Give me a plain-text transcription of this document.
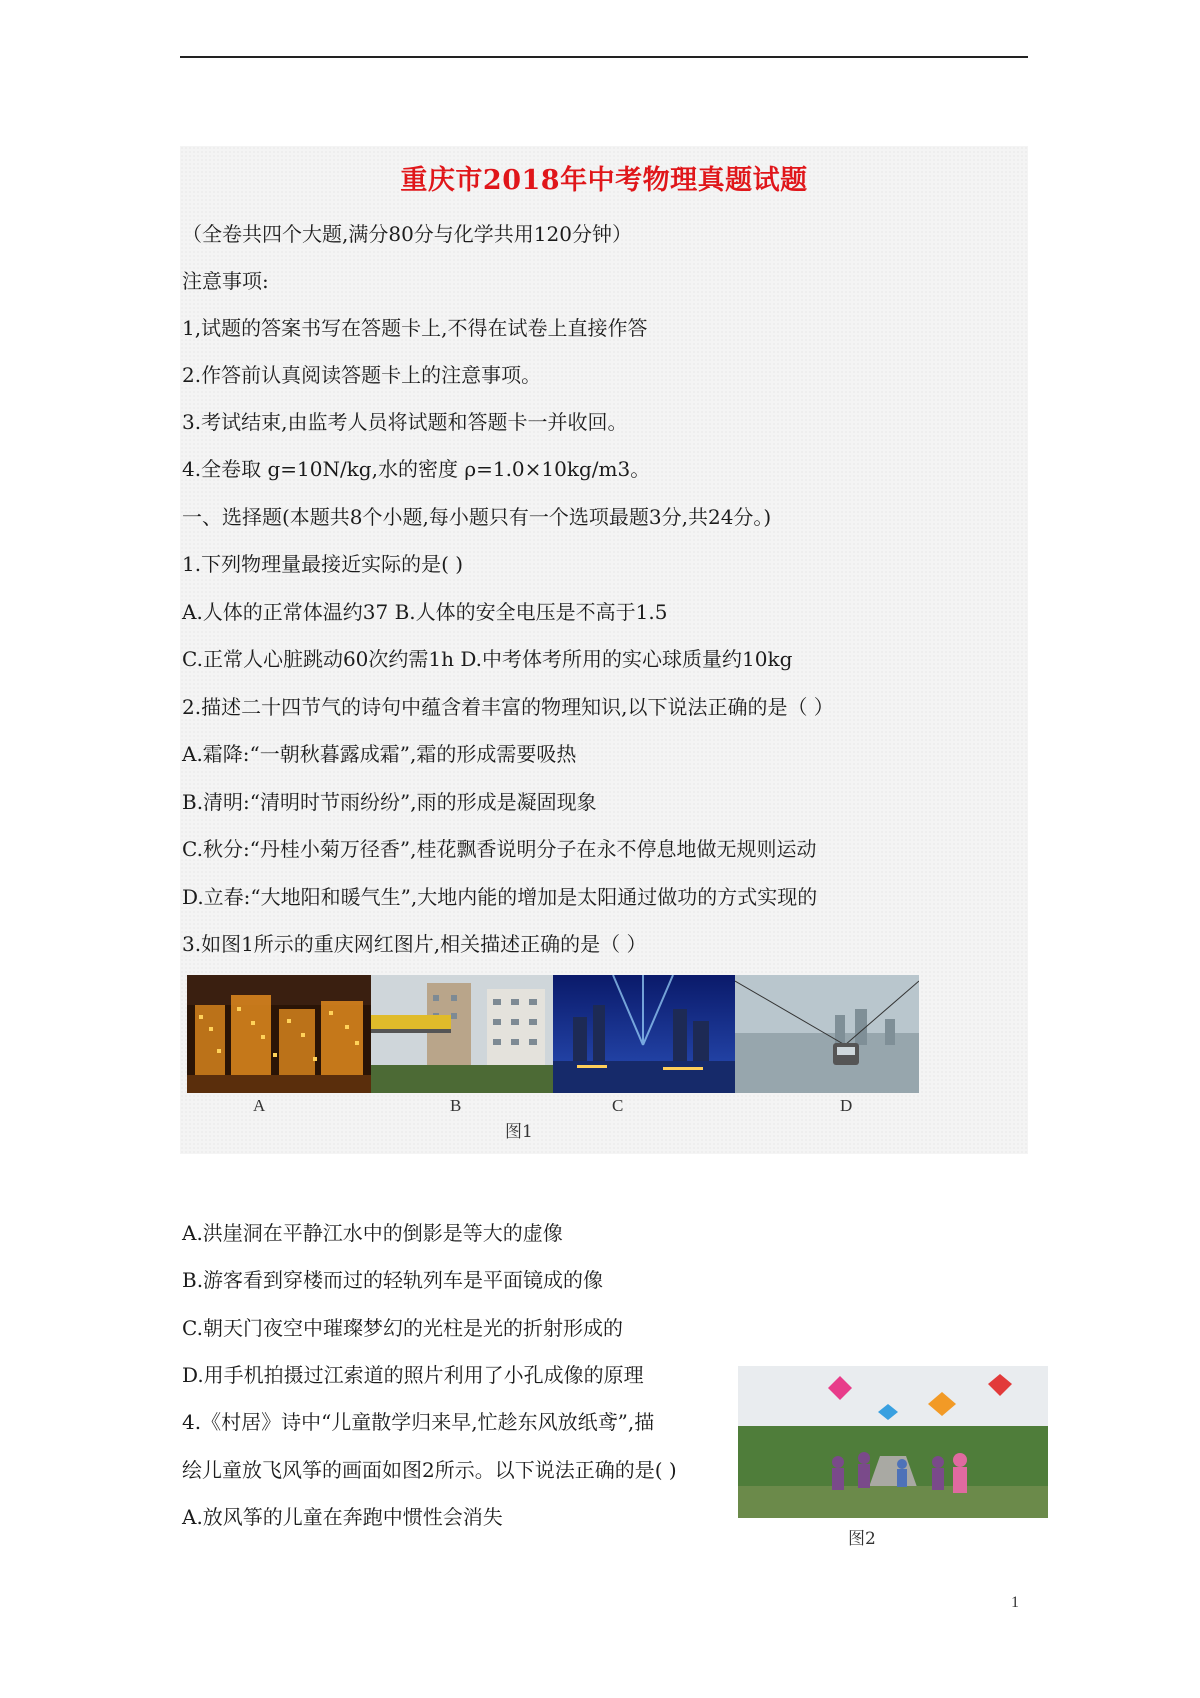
重庆市2018年中考物理真题试题
（全卷共四个大题,满分80分与化学共用120分钟）
注意事项:
1,试题的答案书写在答题卡上,不得在试卷上直接作答
2.作答前认真阅读答题卡上的注意事项。
3.考试结束,由监考人员将试题和答题卡一并收回。
4.全卷取 g=10N/kg,水的密度 ρ=1.0×10kg/m3。
一、选择题(本题共8个小题,每小题只有一个选项最题3分,共24分。)
1.下列物理量最接近实际的是( )
A.人体的正常体温约37 B.人体的安全电压是不高于1.5
C.正常人心脏跳动60次约需1h D.中考体考所用的实心球质量约10kg
2.描述二十四节气的诗句中蕴含着丰富的物理知识,以下说法正确的是（ ）
A.霜降:“一朝秋暮露成霜”,霜的形成需要吸热
B.清明:“清明时节雨纷纷”,雨的形成是凝固现象
C.秋分:“丹桂小菊万径香”,桂花飘香说明分子在永不停息地做无规则运动
D.立春:“大地阳和暖气生”,大地内能的增加是太阳通过做功的方式实现的
3.如图1所示的重庆网红图片,相关描述正确的是（ ）
A	B	C	D
图1
A.洪崖洞在平静江水中的倒影是等大的虚像
B.游客看到穿楼而过的轻轨列车是平面镜成的像
C.朝天门夜空中璀璨梦幻的光柱是光的折射形成的
D.用手机拍摄过江索道的照片利用了小孔成像的原理
4.《村居》诗中“儿童散学归来早,忙趁东风放纸鸢”,描
绘儿童放飞风筝的画面如图2所示。以下说法正确的是( )
A.放风筝的儿童在奔跑中惯性会消失
图2
1
